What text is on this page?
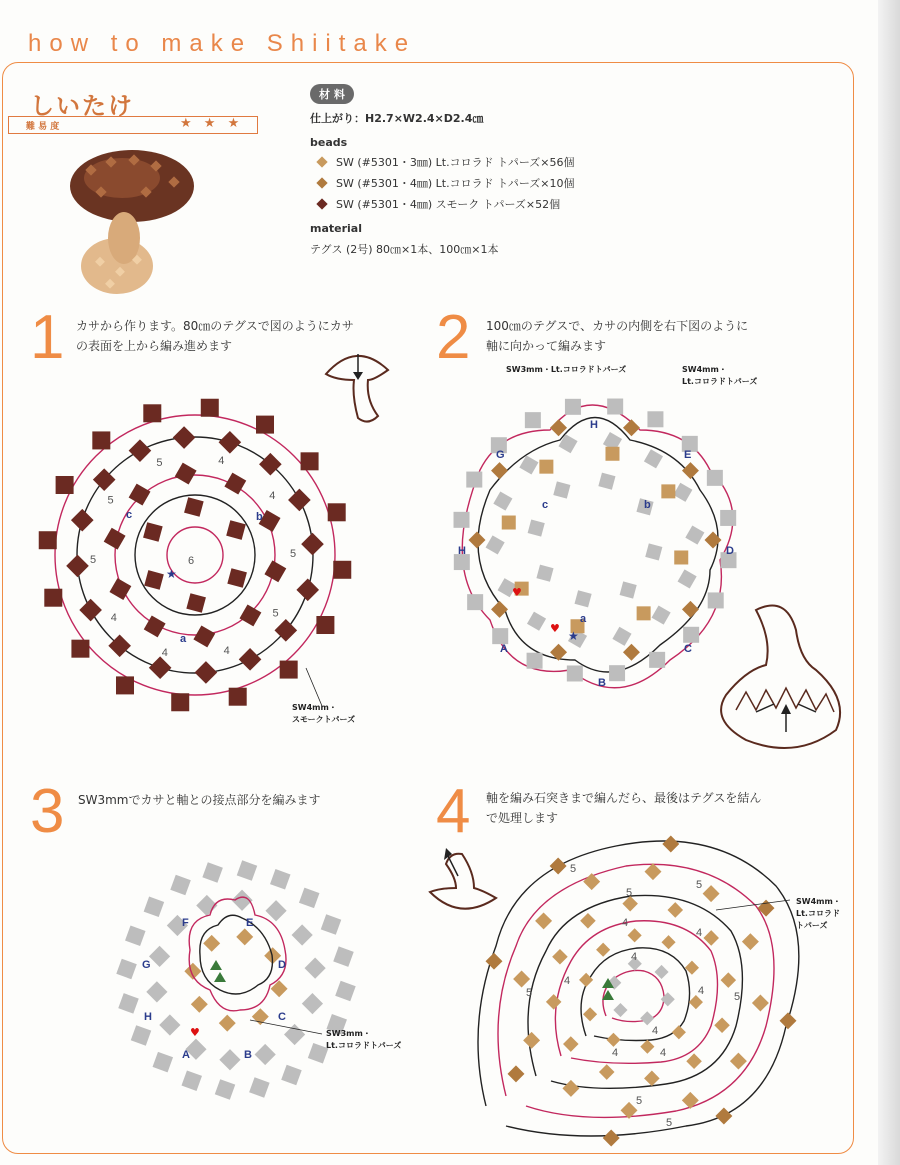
how to make Shiitake
しいたけ
難 易 度	★ ★ ★
材 料
仕上がり：H2.7×W2.4×D2.4㎝
beads
SW (#5301・3㎜) Lt.コロラド トパーズ×56個
SW (#5301・4㎜) Lt.コロラド トパーズ×10個
SW (#5301・4㎜) スモーク トパーズ×52個
material
テグス (2号) 80㎝×1本、100㎝×1本
1 カサから作ります。80㎝のテグスで図のようにカサ
の表面を上から編み進めます
5
4
4
4
5
5
5	4
4
5
6
a
b
c
★
SW4mm・
スモークトパーズ
2 100㎝のテグスで、カサの内側を右下図のように
軸に向かって編みます
SW3mm・Lt.コロラドトパーズ	SW4mm・
Lt.コロラドトパーズ
H
G	E
H	D
A
B
C
a
b
c
★
♥
♥
3 SW3mmでカサと軸との接点部分を編みます
F	E
G	D
H	C
A	B
♥	SW3mm・
Lt.コロラドトパーズ
4 軸を編み石突きまで編んだら、最後はテグスを結ん
で処理します
5
5
5
5	5
5
5
4
4
4
4
4	4
4
4
SW4mm・
Lt.コロラド
トパーズ
